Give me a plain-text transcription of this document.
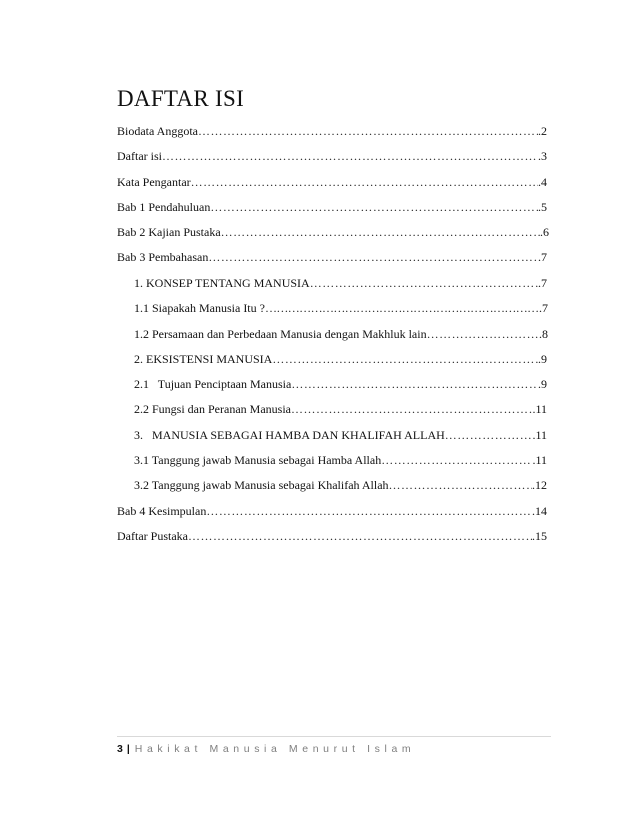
DAFTAR ISI
Biodata Anggota …………………………………………………………………………………………………………………………………………………………………………………………	.2
Daftar isi …………………………………………………………………………………………………………………………………………………………………………………………	.3
Kata Pengantar …………………………………………………………………………………………………………………………………………………………………………………………	.4
Bab 1 Pendahuluan …………………………………………………………………………………………………………………………………………………………………………………………	.5
Bab 2 Kajian Pustaka …………………………………………………………………………………………………………………………………………………………………………………………	.6
Bab 3 Pembahasan …………………………………………………………………………………………………………………………………………………………………………………………	.7
1. KONSEP TENTANG MANUSIA …………………………………………………………………………………………………………………………………………………………………………………………	.7
1.1 Siapakah Manusia Itu ? …………………………………………………………………………………………………………………………………………………………………………………………	.7
1.2 Persamaan dan Perbedaan Manusia dengan Makhluk lain …………………………………………………………………………………………………………………………………………………………………………………………	.8
2. EKSISTENSI MANUSIA …………………………………………………………………………………………………………………………………………………………………………………………	.9
2.1   Tujuan Penciptaan Manusia …………………………………………………………………………………………………………………………………………………………………………………………	.9
2.2 Fungsi dan Peranan Manusia …………………………………………………………………………………………………………………………………………………………………………………………	.11
3.   MANUSIA SEBAGAI HAMBA DAN KHALIFAH ALLAH …………………………………………………………………………………………………………………………………………………………………………………………	.11
3.1 Tanggung jawab Manusia sebagai Hamba Allah …………………………………………………………………………………………………………………………………………………………………………………………	.11
3.2 Tanggung jawab Manusia sebagai Khalifah Allah …………………………………………………………………………………………………………………………………………………………………………………………	.12
Bab 4 Kesimpulan …………………………………………………………………………………………………………………………………………………………………………………………	.14
Daftar Pustaka …………………………………………………………………………………………………………………………………………………………………………………………	.15
3 | Hakikat Manusia Menurut Islam
